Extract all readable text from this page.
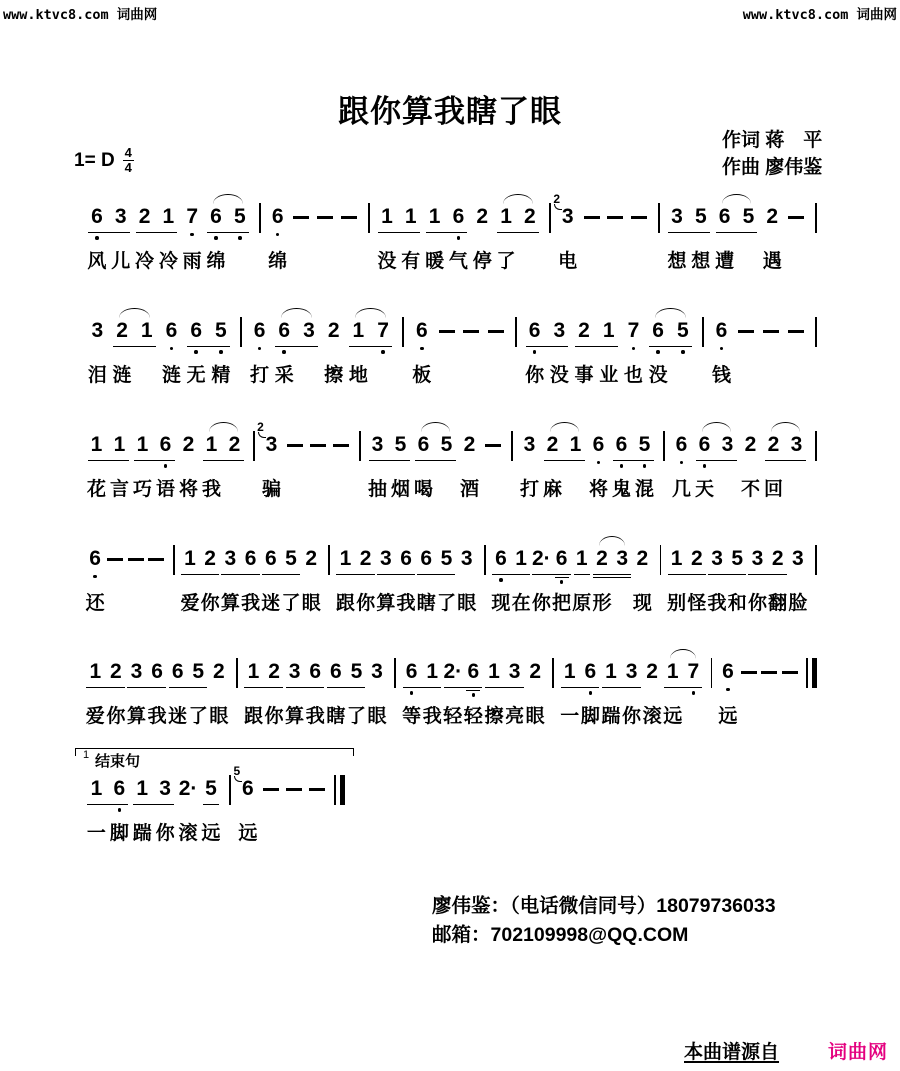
www.ktvc8.com 词曲网	www.ktvc8.com 词曲网
跟你算我瞎了眼
作词 蒋　平
作曲 廖伟鉴
1= D $\frac{4}{4}$
6 3 2 1 7 6 5 6	1 1 1 6 2 1 2 3
2
3 5 6 5 2
风 儿 冷 冷 雨 绵 绵	没 有 暖 气 停 了 电	想 想 遭 遇
3 2 1 6 6 5	6 6 3 2 1 7	6	6 3 2 1 7 6 5	6
泪 涟 涟 无 精 打 采 擦 地 板	你 没 事 业 也 没 钱
1 1 1 6 2 1 2 3
2
3 5 6 5 2 3 2 1 6 6 5 6 6 3 2 2 3
花 言 巧 语 将 我 骗	抽 烟 喝 酒 打 麻 将 鬼 混 几 天 不 回
6	1 2 3 6 6 5 2 1 2 3 6 6 5 3 6 1 2· 6 1 2 3 2 1 2 3 5 3 2 3
还	爱 你 算 我 迷 了 眼 跟 你 算 我 瞎 了 眼 现 在 你 把 原 形 现 别 怪 我 和 你 翻 脸
1 2 3 6 6 5 2 1 2 3 6 6 5 3 6 1 2· 6 1 3 2 1 6 1 3 2 1 7 6
爱 你 算 我 迷 了 眼 跟 你 算 我 瞎 了 眼 等 我 轻 轻 擦 亮 眼 一 脚 踹 你 滚 远 远
1 6 1 3 2· 5 6
5
一 脚 踹 你 滚 远 远
1 结束句
廖伟鉴：（电话微信同号）18079736033
邮箱：702109998@QQ.COM
本曲谱源自	词曲网
